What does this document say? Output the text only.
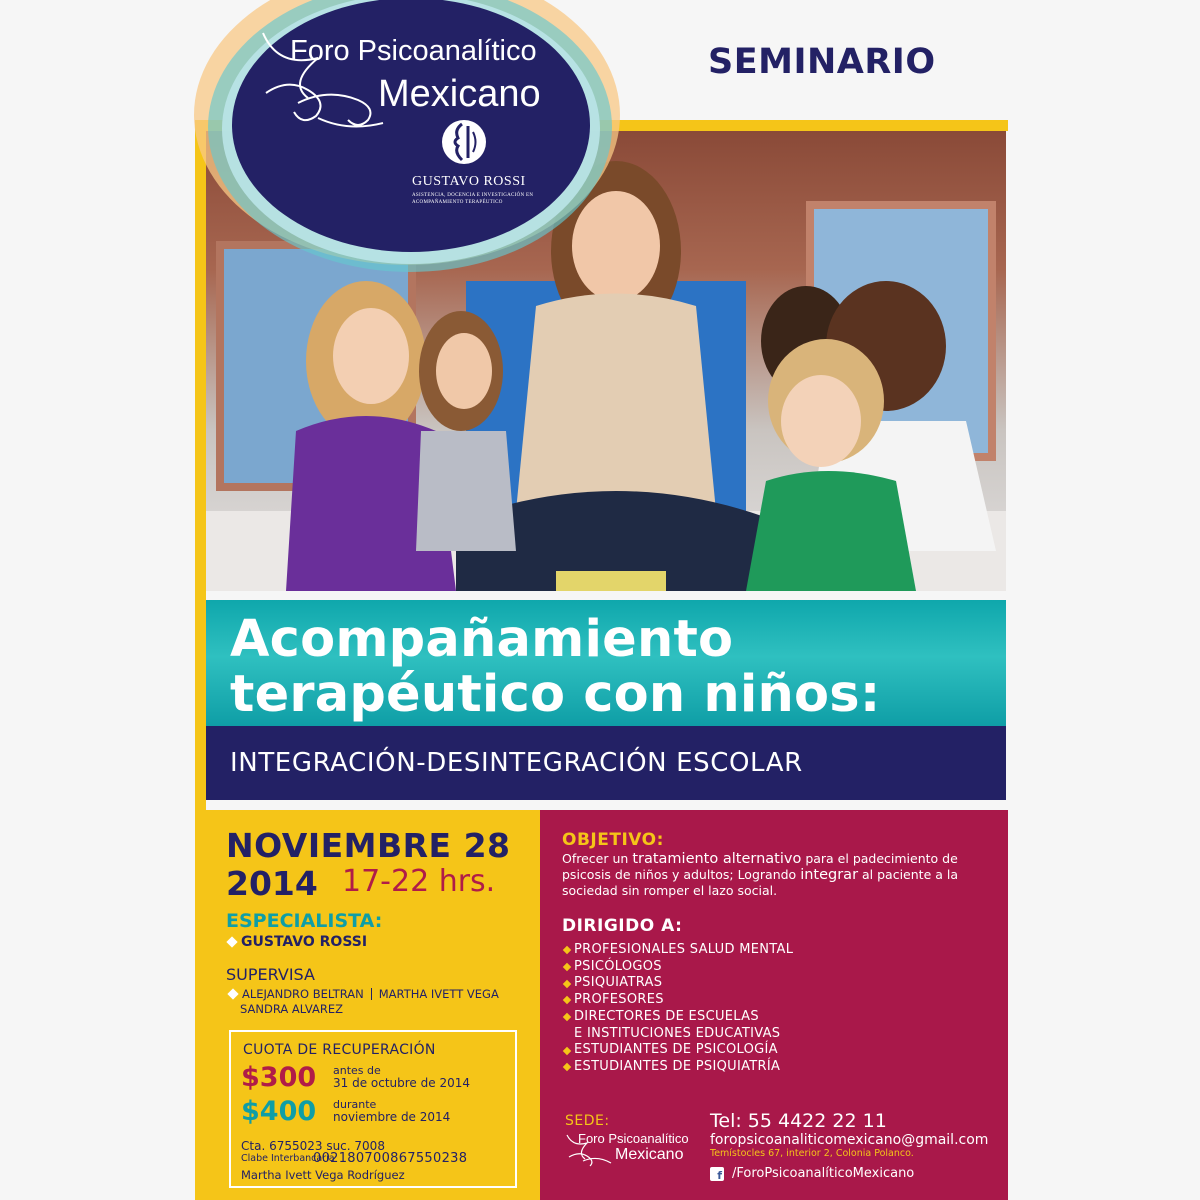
Foro Psicoanalítico
Mexicano
GUSTAVO ROSSI
ASISTENCIA, DOCENCIA E INVESTIGACIÓN EN ACOMPAÑAMIENTO TERAPÉUTICO
SEMINARIO
Acompañamiento
terapéutico con niños:
INTEGRACIÓN-DESINTEGRACIÓN ESCOLAR
NOVIEMBRE 28
2014 17-22 hrs.
ESPECIALISTA:
GUSTAVO ROSSI
SUPERVISA
ALEJANDRO BELTRAN MARTHA IVETT VEGA
SANDRA ALVAREZ
CUOTA DE RECUPERACIÓN
$300 antes de
31 de octubre de 2014
$400 durante
noviembre de 2014
Cta. 6755023 suc. 7008
Clabe Interbancaria
002180700867550238
Martha Ivett Vega Rodríguez
OBJETIVO:
Ofrecer un tratamiento alternativo para el padecimiento de psicosis de niños y adultos; Logrando integrar al paciente a la sociedad sin romper el lazo social.
DIRIGIDO A:
PROFESIONALES SALUD MENTAL
PSICÓLOGOS
PSIQUIATRAS
PROFESORES
DIRECTORES DE ESCUELAS
E INSTITUCIONES EDUCATIVAS
ESTUDIANTES DE PSICOLOGÍA
ESTUDIANTES DE PSIQUIATRÍA
SEDE:
Foro Psicoanalítico
Mexicano
Tel: 55 4422 22 11
foropsicoanaliticomexicano@gmail.com
Temístocles 67, interior 2, Colonia Polanco.
f /ForoPsicoanalíticoMexicano
